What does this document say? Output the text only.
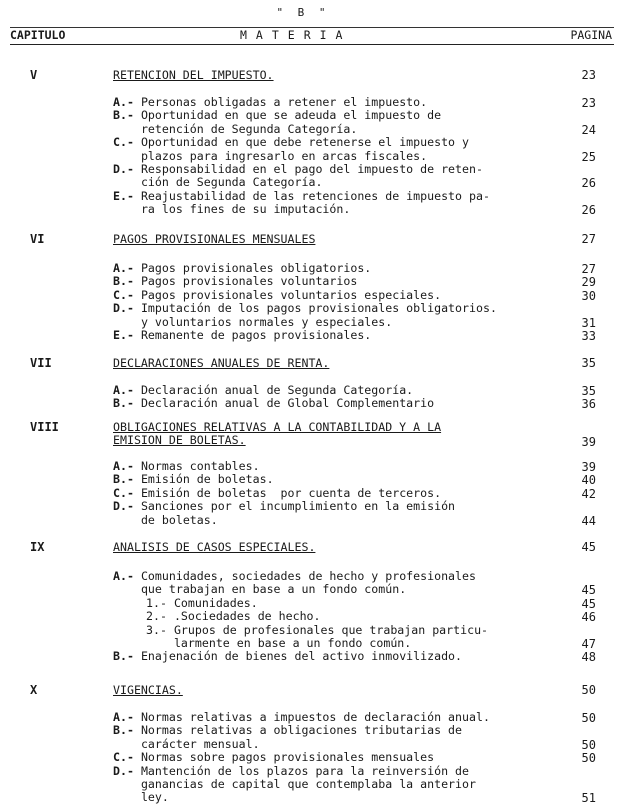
" B "
CAPITULO	MATERIA	PAGINA
V	RETENCION DEL IMPUESTO.	23
A.- Personas obligadas a retener el impuesto.	23
B.- Oportunidad en que se adeuda el impuesto de
retención de Segunda Categoría.	24
C.- Oportunidad en que debe retenerse el impuesto y
plazos para ingresarlo en arcas fiscales.	25
D.- Responsabilidad en el pago del impuesto de reten-
ción de Segunda Categoría.	26
E.- Reajustabilidad de las retenciones de impuesto pa-
ra los fines de su imputación.	26
VI	PAGOS PROVISIONALES MENSUALES	27
A.- Pagos provisionales obligatorios.	27
B.- Pagos provisionales voluntarios	29
C.- Pagos provisionales voluntarios especiales.	30
D.- Imputación de los pagos provisionales obligatorios.
y voluntarios normales y especiales.	31
E.- Remanente de pagos provisionales.	33
VII	DECLARACIONES ANUALES DE RENTA.	35
A.- Declaración anual de Segunda Categoría.	35
B.- Declaración anual de Global Complementario	36
VIII	OBLIGACIONES RELATIVAS A LA CONTABILIDAD Y A LA
EMISION DE BOLETAS.	39
A.- Normas contables.	39
B.- Emisión de boletas.	40
C.- Emisión de boletas  por cuenta de terceros.	42
D.- Sanciones por el incumplimiento en la emisión
de boletas.	44
IX	ANALISIS DE CASOS ESPECIALES.	45
A.- Comunidades, sociedades de hecho y profesionales
que trabajan en base a un fondo común.	45
1.- Comunidades.	45
2.- .Sociedades de hecho.	46
3.- Grupos de profesionales que trabajan particu-
larmente en base a un fondo común.	47
B.- Enajenación de bienes del activo inmovilizado.	48
X	VIGENCIAS.	50
A.- Normas relativas a impuestos de declaración anual.	50
B.- Normas relativas a obligaciones tributarias de
carácter mensual.	50
C.- Normas sobre pagos provisionales mensuales	50
D.- Mantención de los plazos para la reinversión de
ganancias de capital que contemplaba la anterior
ley.	51
